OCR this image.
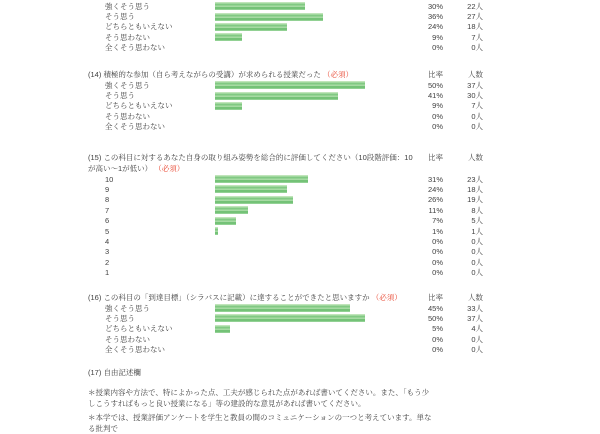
強くそう思う	30%	22人
そう思う	36%	27人
どちらともいえない	24%	18人
そう思わない	9%	7人
全くそう思わない	0%	0人
(14) 積極的な参加（自ら考えながらの受講）が求められる授業だった （必須）	比率	人数
強くそう思う	50%	37人
そう思う	41%	30人
どちらともいえない	9%	7人
そう思わない	0%	0人
全くそう思わない	0%	0人
(15) この科目に対するあなた自身の取り組み姿勢を総合的に評価してください（10段階評価：10が高い～1が低い） （必須）
比率	人数
10	31%	23人
9	24%	18人
8	26%	19人
7	11%	8人
6	7%	5人
5	1%	1人
4	0%	0人
3	0%	0人
2	0%	0人
1	0%	0人
(16) この科目の「到達目標」（シラバスに記載）に達することができたと思いますか （必須）	比率	人数
強くそう思う	45%	33人
そう思う	50%	37人
どちらともいえない	5%	4人
そう思わない	0%	0人
全くそう思わない	0%	0人
(17) 自由記述欄

＊授業内容や方法で、特によかった点、工夫が感じられた点があれば書いてください。また、「もう少しこうすればもっと良い授業になる」等の建設的な意見があれば書いてください。

＊本学では、授業評価アンケートを学生と教員の間のコミュニケーションの一つと考えています。単なる批判で
